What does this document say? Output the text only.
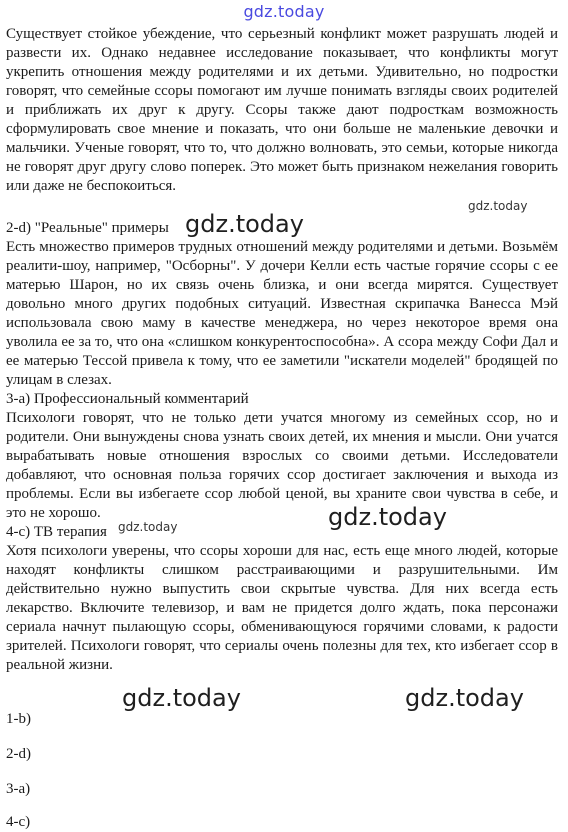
gdz.today
Существует стойкое убеждение, что серьезный конфликт может разрушать людей и развести их. Однако недавнее исследование показывает, что конфликты могут укрепить отношения между родителями и их детьми. Удивительно, но подростки говорят, что семейные ссоры помогают им лучше понимать взгляды своих родителей и приближать их друг к другу. Ссоры также дают подросткам возможность сформулировать свое мнение и показать, что они больше не маленькие девочки и мальчики. Ученые говорят, что то, что должно волновать, это семьи, которые никогда не говорят друг другу слово поперек. Это может быть признаком нежелания говорить или даже не беспокоиться.
gdz.today
2-d) "Реальные" примеры gdz.today
Есть множество примеров трудных отношений между родителями и детьми. Возьмём реалити-шоу, например, "Осборны". У дочери Келли есть частые горячие ссоры с ее матерью Шарон, но их связь очень близка, и они всегда мирятся. Существует довольно много других подобных ситуаций. Известная скрипачка Ванесса Мэй использовала свою маму в качестве менеджера, но через некоторое время она уволила ее за то, что она «слишком конкурентоспособна». А ссора между Софи Дал и ее матерью Тессой привела к тому, что ее заметили "искатели моделей" бродящей по улицам в слезах.
3-a) Профессиональный комментарий
Психологи говорят, что не только дети учатся многому из семейных ссор, но и родители. Они вынуждены снова узнать своих детей, их мнения и мысли. Они учатся вырабатывать новые отношения взрослых со своими детьми. Исследователи добавляют, что основная польза горячих ссор достигает заключения и выхода из проблемы. Если вы избегаете ссор любой ценой, вы храните свои чувства в себе, и это не хорошо.	gdz.today
4-c) ТВ терапия gdz.today
Хотя психологи уверены, что ссоры хороши для нас, есть еще много людей, которые находят конфликты слишком расстраивающими и разрушительными. Им действительно нужно выпустить свои скрытые чувства. Для них всегда есть лекарство. Включите телевизор, и вам не придется долго ждать, пока персонажи сериала начнут пылающую ссоры, обменивающуюся горячими словами, к радости зрителей. Психологи говорят, что сериалы очень полезны для тех, кто избегает ссор в реальной жизни.
gdz.today	gdz.today
1-b)
2-d)
3-a)
4-c)
